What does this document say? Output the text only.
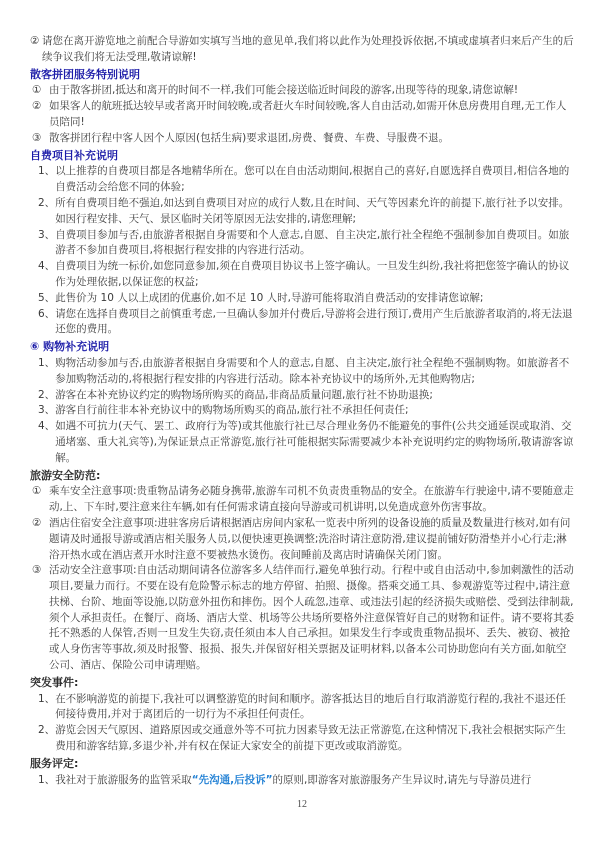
② 请您在离开游览地之前配合导游如实填写当地的意见单,我们将以此作为处理投诉依据,不填或虚填者归来后产生的后续争议我们将无法受理,敬请谅解!

散客拼团服务特别说明
① 由于散客拼团,抵达和离开的时间不一样,我们可能会接送临近时间段的游客,出现等待的现象,请您谅解!
② 如果客人的航班抵达较早或者离开时间较晚,或者赶火车时间较晚,客人自由活动,如需开休息房费用自理,无工作人员陪同!
③ 散客拼团行程中客人因个人原因(包括生病)要求退团,房费、餐费、车费、导服费不退。
自费项目补充说明
1、 以上推荐的自费项目都是各地精华所在。您可以在自由活动期间,根据自己的喜好,自愿选择自费项目,相信各地的自费活动会给您不同的体验;
2、 所有自费项目绝不强迫,如达到自费项目对应的成行人数,且在时间、天气等因素允许的前提下,旅行社予以安排。如因行程安排、天气、景区临时关闭等原因无法安排的,请您理解;
3、 自费项目参加与否,由旅游者根据自身需要和个人意志,自愿、自主决定,旅行社全程绝不强制参加自费项目。如旅游者不参加自费项目,将根据行程安排的内容进行活动。
4、 自费项目为统一标价,如您同意参加,须在自费项目协议书上签字确认。一旦发生纠纷,我社将把您签字确认的协议作为处理依据,以保证您的权益;
5、 此售价为 10 人以上成团的优惠价,如不足 10 人时,导游可能将取消自费活动的安排请您谅解;
6、 请您在选择自费项目之前慎重考虑,一旦确认参加并付费后,导游将会进行预订,费用产生后旅游者取消的,将无法退还您的费用。
⑥ 购物补充说明
1、 购物活动参加与否,由旅游者根据自身需要和个人的意志,自愿、自主决定,旅行社全程绝不强制购物。如旅游者不参加购物活动的,将根据行程安排的内容进行活动。除本补充协议中的场所外,无其他购物店;
2、 游客在本补充协议约定的购物场所购买的商品,非商品质量问题,旅行社不协助退换;
3、 游客自行前往非本补充协议中的购物场所购买的商品,旅行社不承担任何责任;
4、 如遇不可抗力(天气、罢工、政府行为等)或其他旅行社已尽合理业务仍不能避免的事件(公共交通延误或取消、交通堵塞、重大礼宾等),为保证景点正常游览,旅行社可能根据实际需要减少本补充说明约定的购物场所,敬请游客谅解。
旅游安全防范:
① 乘车安全注意事项:贵重物品请务必随身携带,旅游车司机不负责贵重物品的安全。在旅游车行驶途中,请不要随意走动,上、下车时,要注意来往车辆,如有任何需求请直接向导游或司机讲明,以免造成意外伤害事故。
② 酒店住宿安全注意事项:进驻客房后请根据酒店房间内家私一览表中所列的设备设施的质量及数量进行核对,如有问题请及时通报导游或酒店相关服务人员,以便快速更换调整;洗浴时请注意防滑,建议提前铺好防滑垫并小心行走;淋浴开热水或在酒店煮开水时注意不要被热水烫伤。夜间睡前及离店时请确保关闭门窗。
③ 活动安全注意事项:自由活动期间请各位游客多人结伴而行,避免单独行动。行程中或自由活动中,参加刺激性的活动项目,要量力而行。不要在设有危险警示标志的地方停留、拍照、摄像。搭乘交通工具、参观游览等过程中,请注意扶梯、台阶、地面等设施,以防意外扭伤和摔伤。因个人疏忽,违章、或违法引起的经济损失或赔偿、受到法律制裁,须个人承担责任。在餐厅、商场、酒店大堂、机场等公共场所要格外注意保管好自己的财物和证件。请不要将其委托不熟悉的人保管,否则一旦发生失窃,责任须由本人自己承担。如果发生行李或贵重物品损坏、丢失、被窃、被抢或人身伤害等事故,须及时报警、报损、报失,并保留好相关票据及证明材料,以备本公司协助您向有关方面,如航空公司、酒店、保险公司申请理赔。
突发事件:
1、 在不影响游览的前提下,我社可以调整游览的时间和顺序。游客抵达目的地后自行取消游览行程的,我社不退还任何接待费用,并对于离团后的一切行为不承担任何责任。
2、 游览会因天气原因、道路原因或交通意外等不可抗力因素导致无法正常游览,在这种情况下,我社会根据实际产生费用和游客结算,多退少补,并有权在保证大家安全的前提下更改或取消游览。
服务评定:
1、 我社对于旅游服务的监管采取“先沟通,后投诉”的原则,即游客对旅游服务产生异议时,请先与导游员进行
12
